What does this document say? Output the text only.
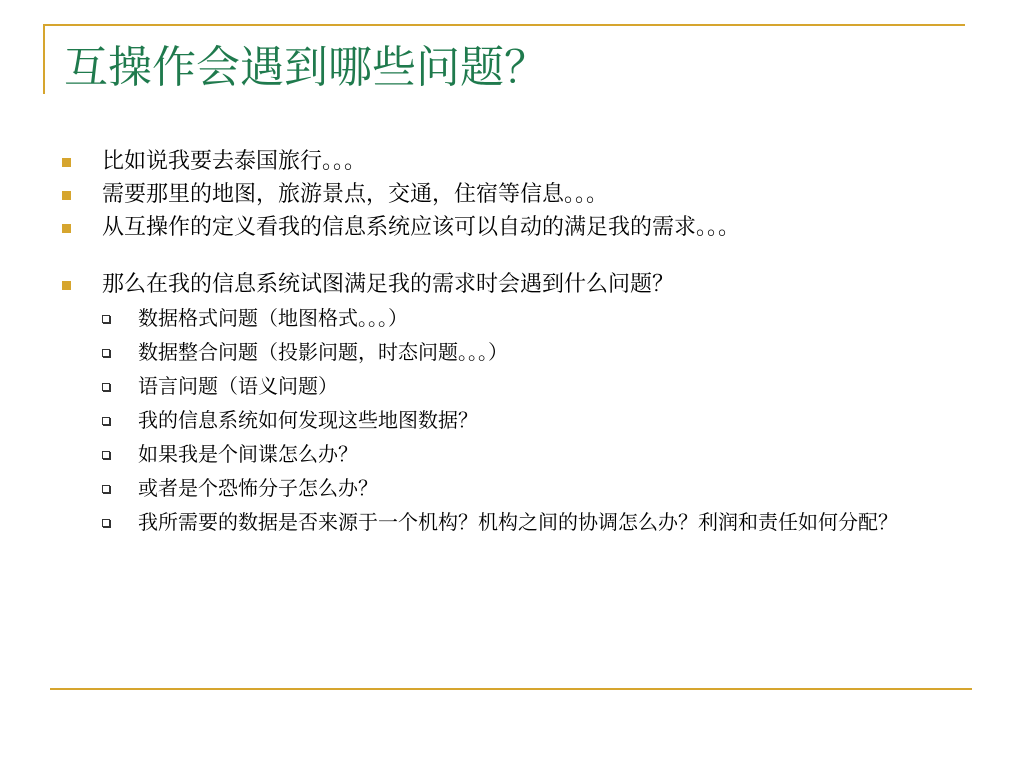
互操作会遇到哪些问题？
比如说我要去泰国旅行。。。
需要那里的地图，旅游景点，交通，住宿等信息。。。
从互操作的定义看我的信息系统应该可以自动的满足我的需求。。。
那么在我的信息系统试图满足我的需求时会遇到什么问题？
数据格式问题（地图格式。。。）
数据整合问题（投影问题，时态问题。。。）
语言问题（语义问题）
我的信息系统如何发现这些地图数据？
如果我是个间谍怎么办？
或者是个恐怖分子怎么办？
我所需要的数据是否来源于一个机构？机构之间的协调怎么办？利润和责任如何分配？
